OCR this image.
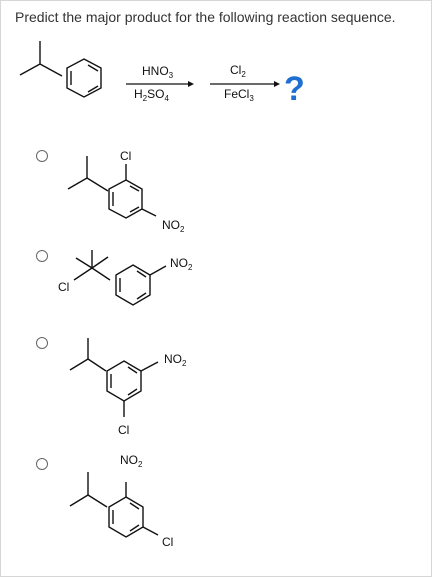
Predict the major product for the following reaction sequence.
$HNO_3$
$H_2SO_4$
$Cl_2$
FeCl$_3$ ?
Cl
$NO_2$
Cl
$NO_2$
$NO_2$
Cl
$NO_2$
Cl
